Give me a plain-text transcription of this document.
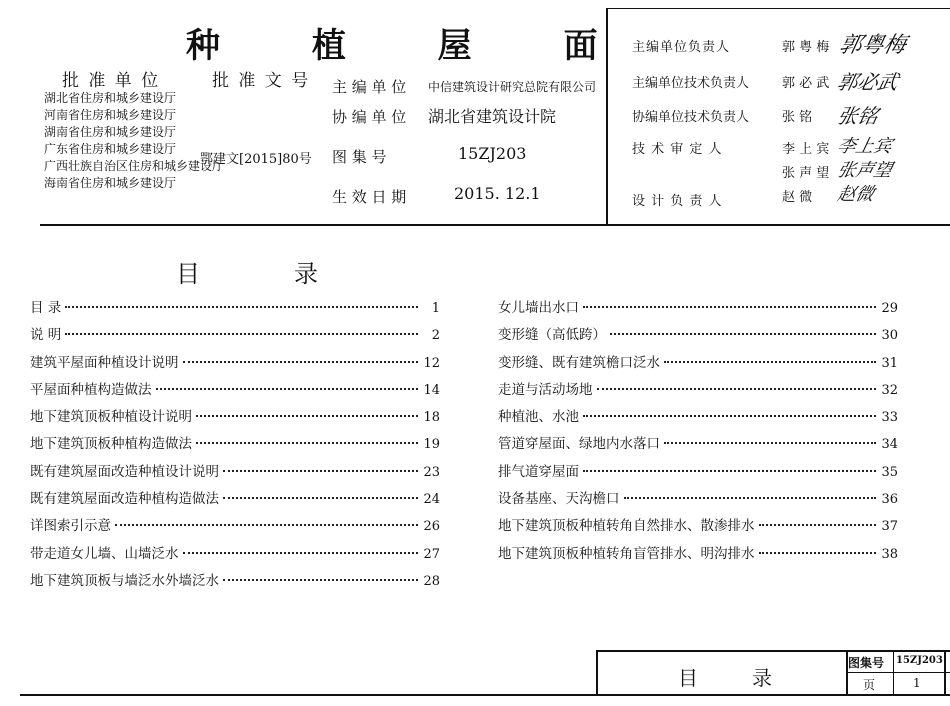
种 植 屋 面
批 准 单 位
湖北省住房和城乡建设厅
河南省住房和城乡建设厅
湖南省住房和城乡建设厅
广东省住房和城乡建设厅
广西壮族自治区住房和城乡建设厅
海南省住房和城乡建设厅
批 准 文 号
鄂建文[2015]80号
主 编 单 位 中信建筑设计研究总院有限公司
协 编 单 位 湖北省建筑设计院
图 集 号	15ZJ203
生 效 日 期	2015. 12.1
主编单位负责人	郭 粤 梅 郭粤梅
主编单位技术负责人	郭 必 武 郭必武
协编单位技术负责人	张 铭 张铭
技 术 审 定 人	李 上 宾 李上宾
张 声 望 张声望
设 计 负 责 人	赵 微 赵微
目	录
目 录	1
说 明	2
建筑平屋面种植设计说明	12
平屋面种植构造做法	14
地下建筑顶板种植设计说明	18
地下建筑顶板种植构造做法	19
既有建筑屋面改造种植设计说明	23
既有建筑屋面改造种植构造做法	24
详图索引示意	26
带走道女儿墙、山墙泛水	27
地下建筑顶板与墙泛水外墙泛水	28
女儿墙出水口	29
变形缝（高低跨）	30
变形缝、既有建筑檐口泛水	31
走道与活动场地	32
种植池、水池	33
管道穿屋面、绿地内水落口	34
排气道穿屋面	35
设备基座、天沟檐口	36
地下建筑顶板种植转角自然排水、散渗排水	37
地下建筑顶板种植转角盲管排水、明沟排水	38
目	录
图集号 15ZJ203
页	1
